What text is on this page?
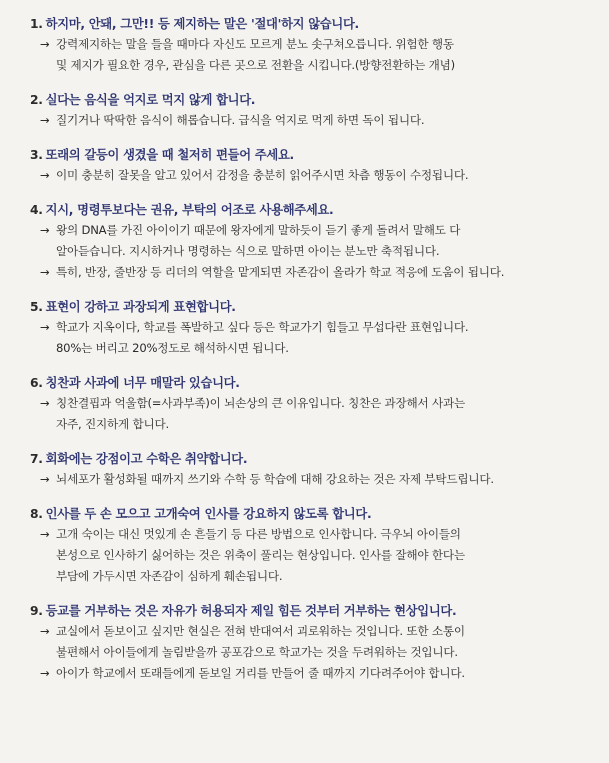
1. 하지마, 안돼, 그만!! 등 제지하는 말은 '절대'하지 않습니다.
→ 강력제지하는 말을 들을 때마다 자신도 모르게 분노 솟구쳐오릅니다. 위험한 행동
및 제지가 필요한 경우, 관심을 다른 곳으로 전환을 시킵니다.(방향전환하는 개념)
2. 실다는 음식을 억지로 먹지 않게 합니다.
→ 질기거나 딱딱한 음식이 해롭습니다. 급식을 억지로 먹게 하면 독이 됩니다.
3. 또래의 갈등이 생겼을 때 철저히 편들어 주세요.
→ 이미 충분히 잘못을 알고 있어서 감정을 충분히 읽어주시면 차츰 행동이 수정됩니다.
4. 지시, 명령투보다는 권유, 부탁의 어조로 사용해주세요.
→ 왕의 DNA를 가진 아이이기 때문에 왕자에게 말하듯이 듣기 좋게 돌려서 말해도 다
알아듣습니다. 지시하거나 명령하는 식으로 말하면 아이는 분노만 축적됩니다.
→ 특히, 반장, 줄반장 등 리더의 역할을 맡게되면 자존감이 올라가 학교 적응에 도움이 됩니다.
5. 표현이 강하고 과장되게 표현합니다.
→ 학교가 지옥이다, 학교를 폭발하고 싶다 등은 학교가기 힘들고 무섭다란 표현입니다.
80%는 버리고 20%정도로 해석하시면 됩니다.
6. 칭찬과 사과에 너무 매말라 있습니다.
→ 칭찬결핍과 억울함(=사과부족)이 뇌손상의 큰 이유입니다. 칭찬은 과장해서 사과는
자주, 진지하게 합니다.
7. 회화에는 강점이고 수학은 취약합니다.
→ 뇌세포가 활성화될 때까지 쓰기와 수학 등 학습에 대해 강요하는 것은 자제 부탁드립니다.
8. 인사를 두 손 모으고 고개숙여 인사를 강요하지 않도록 합니다.
→ 고개 숙이는 대신 멋있게 손 흔들기 등 다른 방법으로 인사합니다. 극우뇌 아이들의
본성으로 인사하기 싫어하는 것은 위축이 풀리는 현상입니다. 인사를 잘해야 한다는
부담에 가두시면 자존감이 심하게 훼손됩니다.
9. 등교를 거부하는 것은 자유가 허용되자 제일 힘든 것부터 거부하는 현상입니다.
→ 교실에서 돋보이고 싶지만 현실은 전혀 반대여서 괴로워하는 것입니다. 또한 소통이
불편해서 아이들에게 놀림받을까 공포감으로 학교가는 것을 두려워하는 것입니다.
→ 아이가 학교에서 또래들에게 돋보일 거리를 만들어 줄 때까지 기다려주어야 합니다.
